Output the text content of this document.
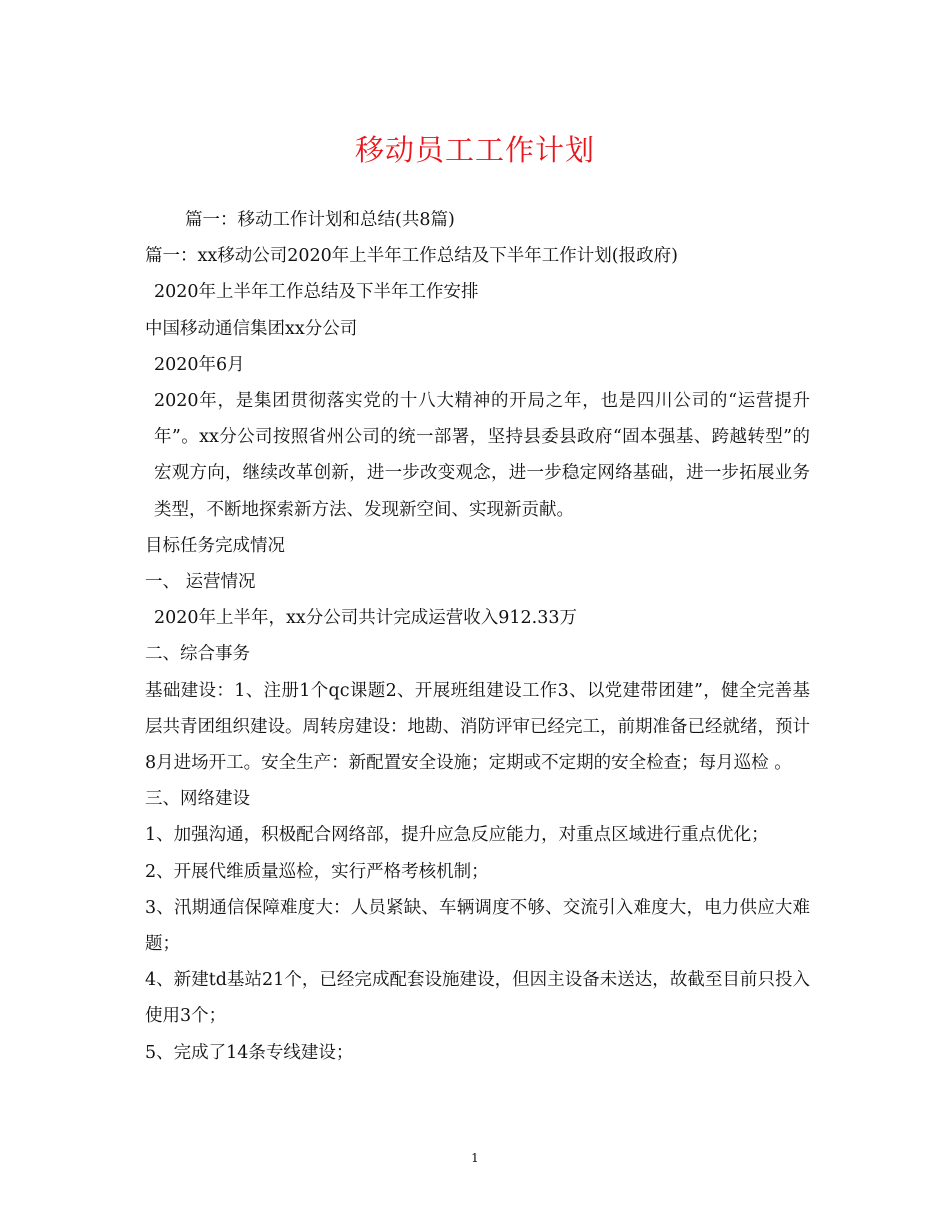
移动员工工作计划

篇一：移动工作计划和总结(共8篇)

篇一：xx移动公司2020年上半年工作总结及下半年工作计划(报政府)

2020年上半年工作总结及下半年工作安排

中国移动通信集团xx分公司

2020年6月

2020年，是集团贯彻落实党的十八大精神的开局之年，也是四川公司的“运营提升年”。xx分公司按照省州公司的统一部署，坚持县委县政府“固本强基、跨越转型”的宏观方向，继续改革创新，进一步改变观念，进一步稳定网络基础，进一步拓展业务类型，不断地探索新方法、发现新空间、实现新贡献。

目标任务完成情况

一、 运营情况

2020年上半年，xx分公司共计完成运营收入912.33万

二、综合事务

基础建设：1、注册1个qc课题2、开展班组建设工作3、以党建带团建”，健全完善基层共青团组织建设。周转房建设：地勘、消防评审已经完工，前期准备已经就绪，预计8月进场开工。安全生产：新配置安全设施；定期或不定期的安全检查；每月巡检 。

三、网络建设

1、加强沟通，积极配合网络部，提升应急反应能力，对重点区域进行重点优化；

2、开展代维质量巡检，实行严格考核机制；

3、汛期通信保障难度大：人员紧缺、车辆调度不够、交流引入难度大，电力供应大难题；

4、新建td基站21个，已经完成配套设施建设，但因主设备未送达，故截至目前只投入使用3个；

5、完成了14条专线建设；

1
